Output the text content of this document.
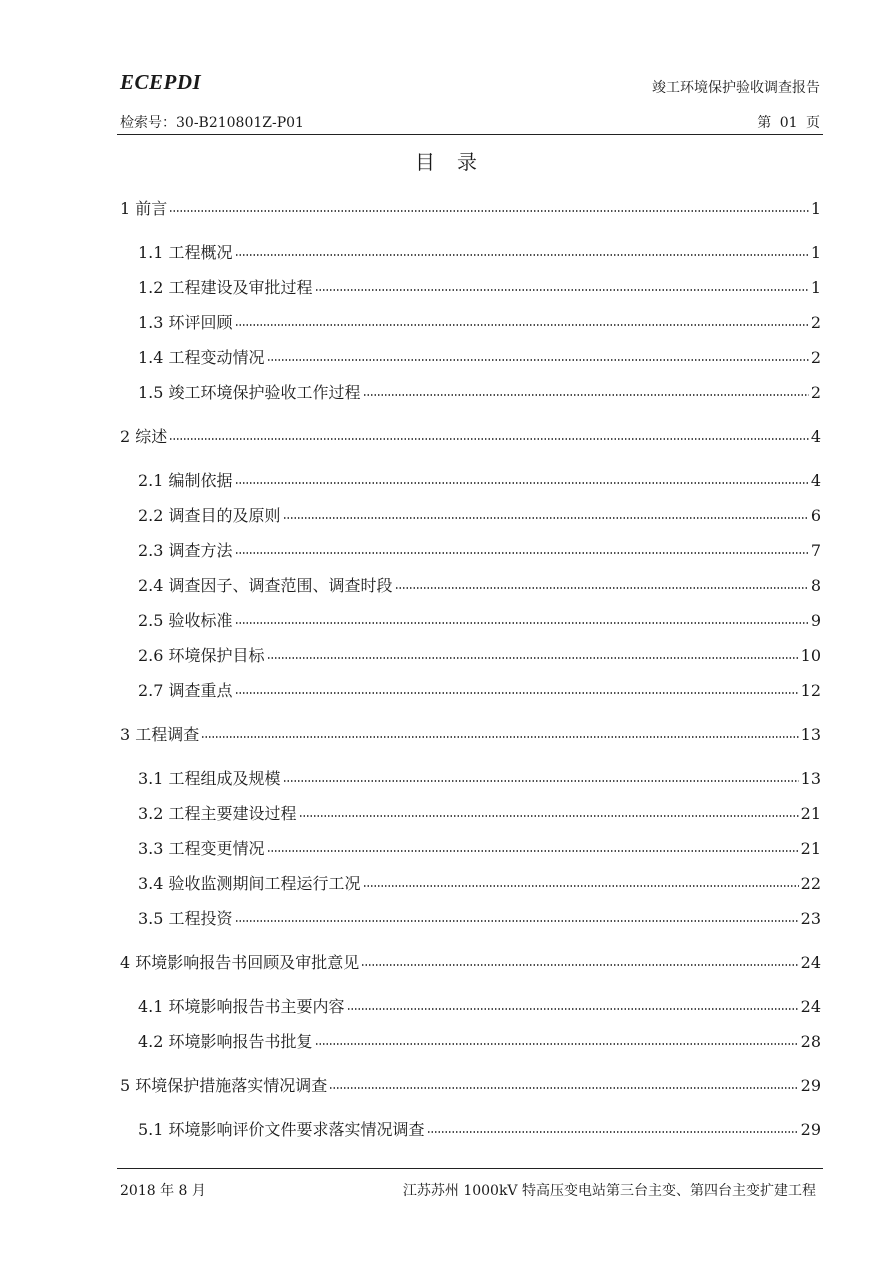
ECEPDI	竣工环境保护验收调查报告
检索号：30-B210801Z-P01	第 01 页
目录
1 前言	1
1.1 工程概况	1
1.2 工程建设及审批过程	1
1.3 环评回顾	2
1.4 工程变动情况	2
1.5 竣工环境保护验收工作过程	2
2 综述	4
2.1 编制依据	4
2.2 调查目的及原则	6
2.3 调查方法	7
2.4 调查因子、调查范围、调查时段	8
2.5 验收标准	9
2.6 环境保护目标	10
2.7 调查重点	12
3 工程调查	13
3.1 工程组成及规模	13
3.2 工程主要建设过程	21
3.3 工程变更情况	21
3.4 验收监测期间工程运行工况	22
3.5 工程投资	23
4 环境影响报告书回顾及审批意见	24
4.1 环境影响报告书主要内容	24
4.2 环境影响报告书批复	28
5 环境保护措施落实情况调查	29
5.1 环境影响评价文件要求落实情况调查	29
2018 年 8 月	江苏苏州 1000kV 特高压变电站第三台主变、第四台主变扩建工程
